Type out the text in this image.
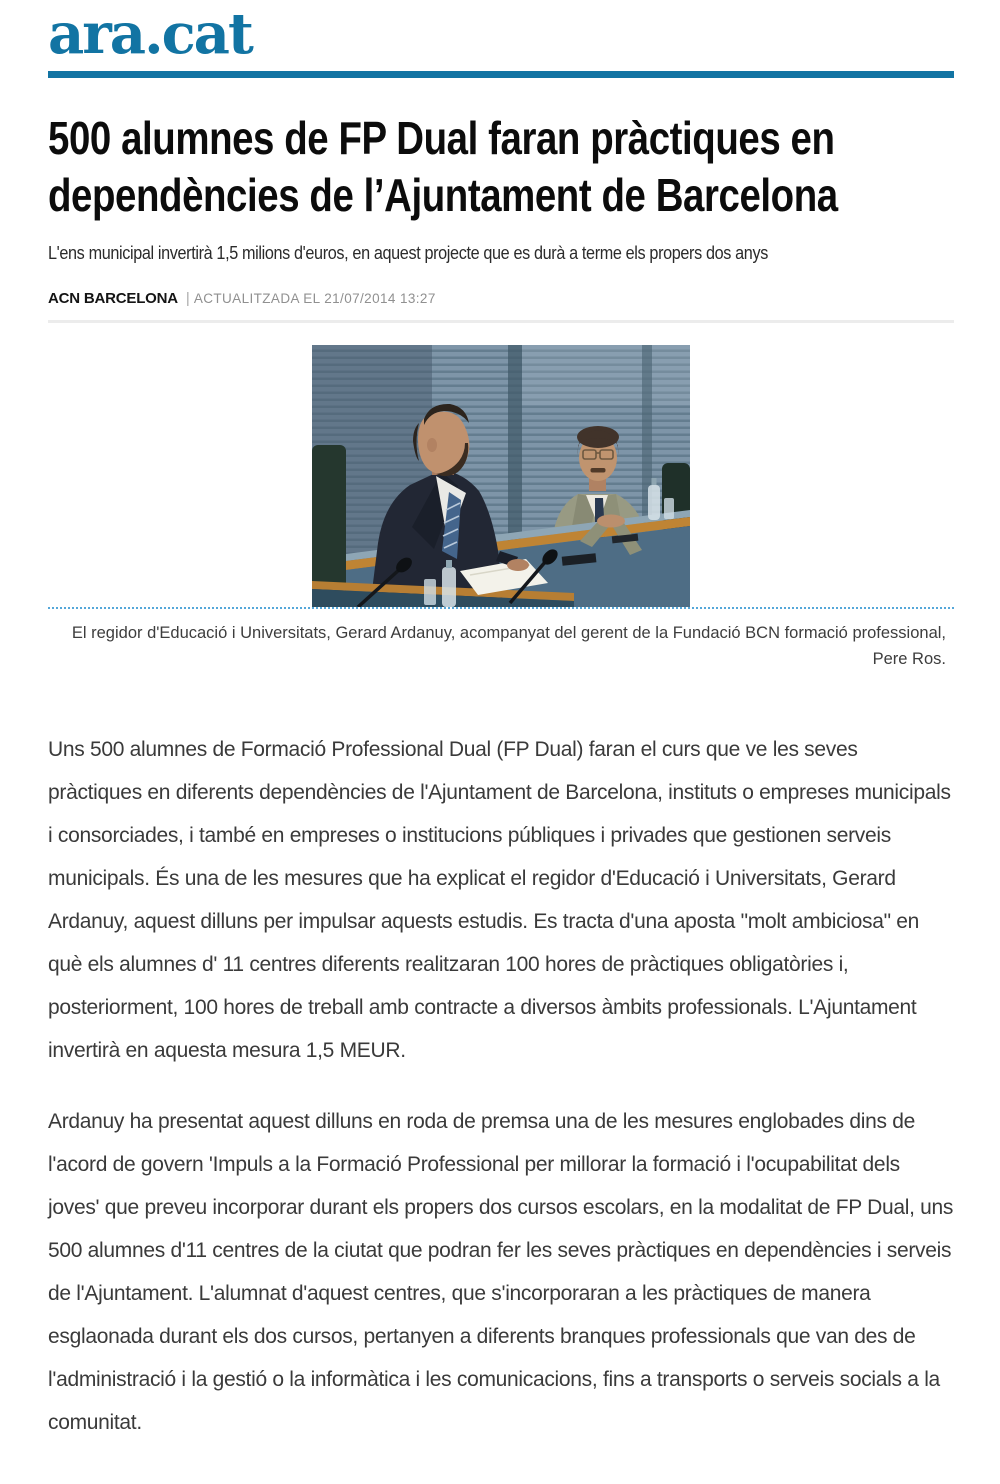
ara.cat
500 alumnes de FP Dual faran pràctiques en dependències de l’Ajuntament de Barcelona
L'ens municipal invertirà 1,5 milions d'euros, en aquest projecte que es durà a terme els propers dos anys
ACN BARCELONA | ACTUALITZADA EL 21/07/2014 13:27
El regidor d'Educació i Universitats, Gerard Ardanuy, acompanyat del gerent de la Fundació BCN formació professional, Pere Ros.

Uns 500 alumnes de Formació Professional Dual (FP Dual) faran el curs que ve les seves pràctiques en diferents dependències de l'Ajuntament de Barcelona, instituts o empreses municipals i consorciades, i també en empreses o institucions públiques i privades que gestionen serveis municipals. És una de les mesures que ha explicat el regidor d'Educació i Universitats, Gerard Ardanuy, aquest dilluns per impulsar aquests estudis. Es tracta d'una aposta "molt ambiciosa" en què els alumnes d' 11 centres diferents realitzaran 100 hores de pràctiques obligatòries i, posteriorment, 100 hores de treball amb contracte a diversos àmbits professionals. L'Ajuntament invertirà en aquesta mesura 1,5 MEUR.

Ardanuy ha presentat aquest dilluns en roda de premsa una de les mesures englobades dins de l'acord de govern 'Impuls a la Formació Professional per millorar la formació i l'ocupabilitat dels joves' que preveu incorporar durant els propers dos cursos escolars, en la modalitat de FP Dual, uns 500 alumnes d'11 centres de la ciutat que podran fer les seves pràctiques en dependències i serveis de l'Ajuntament. L'alumnat d'aquest centres, que s'incorporaran a les pràctiques de manera esglaonada durant els dos cursos, pertanyen a diferents branques professionals que van des de l'administració i la gestió o la informàtica i les comunicacions, fins a transports o serveis socials a la comunitat.
